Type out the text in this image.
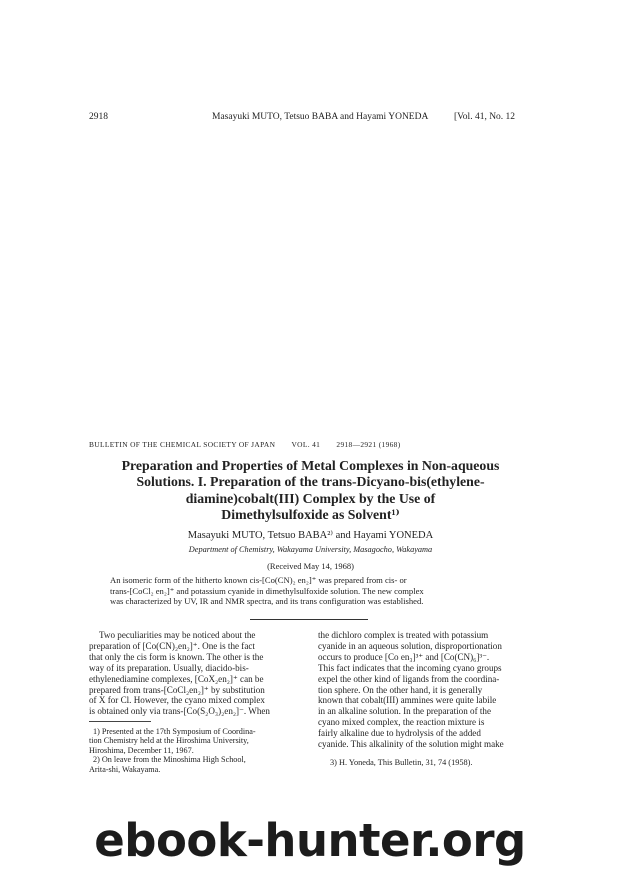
2918	Masayuki MUTO, Tetsuo BABA and Hayami YONEDA	[Vol. 41, No. 12
BULLETIN OF THE CHEMICAL SOCIETY OF JAPAN VOL. 41 2918—2921 (1968)
Preparation and Properties of Metal Complexes in Non-aqueous
Solutions. I. Preparation of the trans-Dicyano-bis(ethylene-
diamine)cobalt(III) Complex by the Use of
Dimethylsulfoxide as Solvent¹⁾
Masayuki MUTO, Tetsuo BABA²⁾ and Hayami YONEDA
Department of Chemistry, Wakayama University, Masagocho, Wakayama
(Received May 14, 1968)
An isomeric form of the hitherto known cis-[Co(CN)₂ en₂]⁺ was prepared from cis- or
trans-[CoCl₂ en₂]⁺ and potassium cyanide in dimethylsulfoxide solution. The new complex
was characterized by UV, IR and NMR spectra, and its trans configuration was established.
Two peculiarities may be noticed about the
preparation of [Co(CN)₂en₂]⁺. One is the fact
that only the cis form is known. The other is the
way of its preparation. Usually, diacido-bis-
ethylenediamine complexes, [CoX₂en₂]⁺ can be
prepared from trans-[CoCl₂en₂]⁺ by substitution
of X for Cl. However, the cyano mixed complex
is obtained only via trans-[Co(S₂O₃)₂en₂]⁻. When
1) Presented at the 17th Symposium of Coordina-
tion Chemistry held at the Hiroshima University,
Hiroshima, December 11, 1967.
2) On leave from the Minoshima High School,
Arita-shi, Wakayama.
the dichloro complex is treated with potassium
cyanide in an aqueous solution, disproportionation
occurs to produce [Co en₃]³⁺ and [Co(CN)₆]³⁻.
This fact indicates that the incoming cyano groups
expel the other kind of ligands from the coordina-
tion sphere. On the other hand, it is generally
known that cobalt(III) ammines were quite labile
in an alkaline solution. In the preparation of the
cyano mixed complex, the reaction mixture is
fairly alkaline due to hydrolysis of the added
cyanide. This alkalinity of the solution might make
3) H. Yoneda, This Bulletin, 31, 74 (1958).
ebook-hunter.org
